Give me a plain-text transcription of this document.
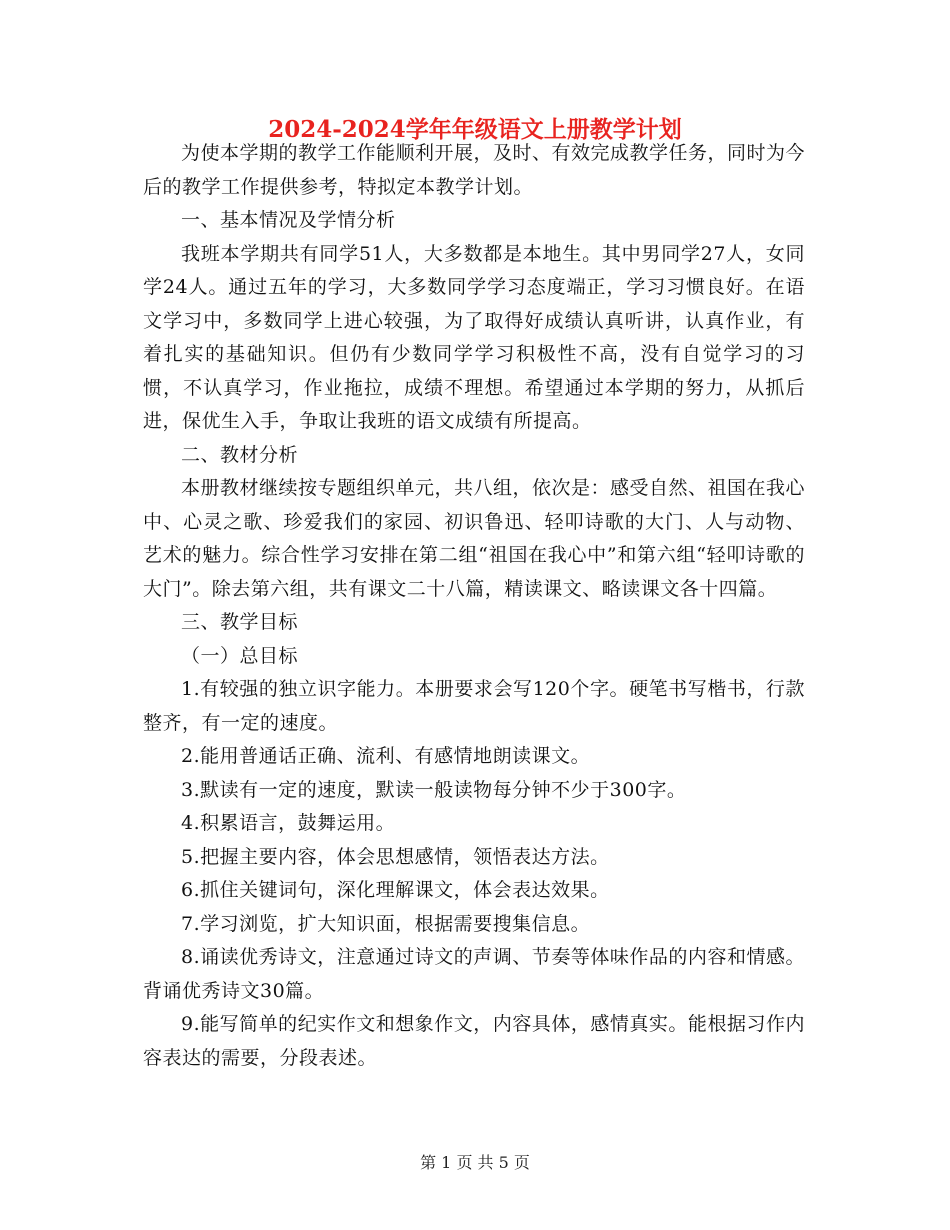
2024-2024学年年级语文上册教学计划

为使本学期的教学工作能顺利开展，及时、有效完成教学任务，同时为今后的教学工作提供参考，特拟定本教学计划。

一、基本情况及学情分析

我班本学期共有同学51人，大多数都是本地生。其中男同学27人，女同学24人。通过五年的学习，大多数同学学习态度端正，学习习惯良好。在语文学习中，多数同学上进心较强，为了取得好成绩认真听讲，认真作业，有着扎实的基础知识。但仍有少数同学学习积极性不高，没有自觉学习的习惯，不认真学习，作业拖拉，成绩不理想。希望通过本学期的努力，从抓后进，保优生入手，争取让我班的语文成绩有所提高。

二、教材分析

本册教材继续按专题组织单元，共八组，依次是：感受自然、祖国在我心中、心灵之歌、珍爱我们的家园、初识鲁迅、轻叩诗歌的大门、人与动物、艺术的魅力。综合性学习安排在第二组“祖国在我心中”和第六组“轻叩诗歌的大门”。除去第六组，共有课文二十八篇，精读课文、略读课文各十四篇。

三、教学目标

（一）总目标

1.有较强的独立识字能力。本册要求会写120个字。硬笔书写楷书，行款整齐，有一定的速度。

2.能用普通话正确、流利、有感情地朗读课文。

3.默读有一定的速度，默读一般读物每分钟不少于300字。

4.积累语言，鼓舞运用。

5.把握主要内容，体会思想感情，领悟表达方法。

6.抓住关键词句，深化理解课文，体会表达效果。

7.学习浏览，扩大知识面，根据需要搜集信息。

8.诵读优秀诗文，注意通过诗文的声调、节奏等体味作品的内容和情感。背诵优秀诗文30篇。

9.能写简单的纪实作文和想象作文，内容具体，感情真实。能根据习作内容表达的需要，分段表述。

第 1 页 共 5 页
